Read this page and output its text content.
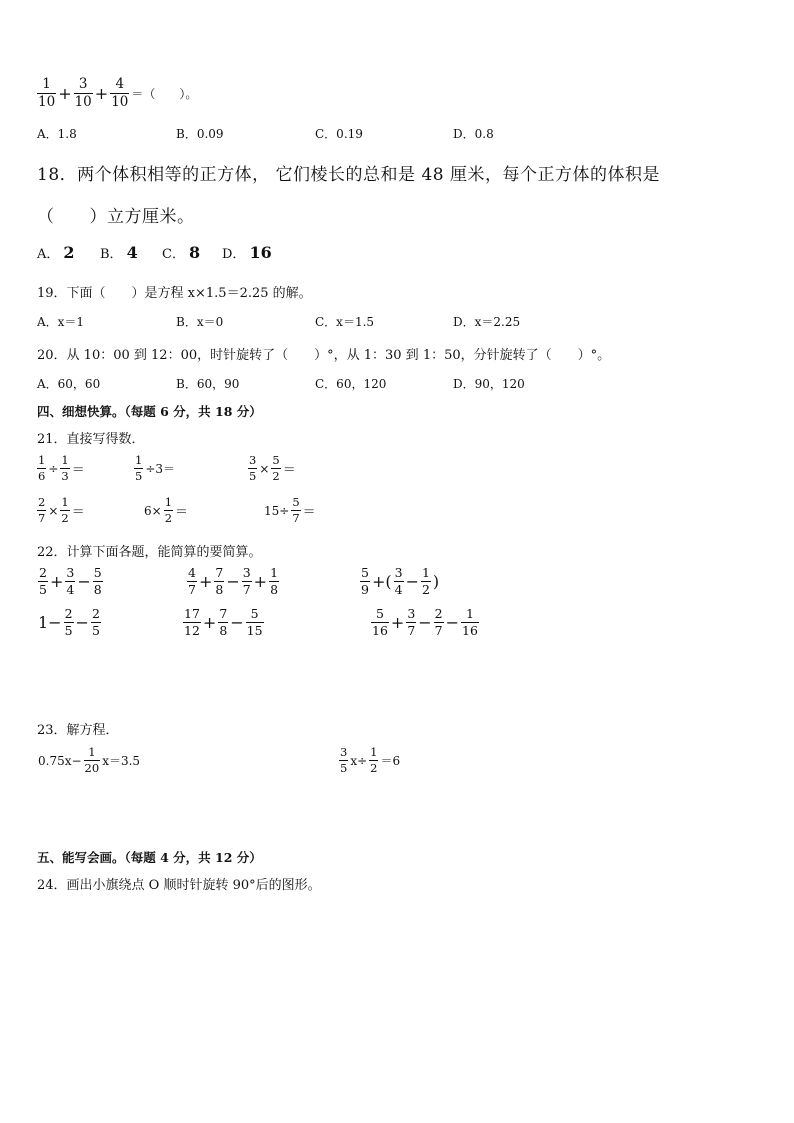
$\frac{1}{10} + \frac{3}{10} + \frac{4}{10}$ ＝（　　）。
A．1.8	B．0.09	C．0.19	D．0.8
18．两个体积相等的正方体， 它们棱长的总和是 48 厘米，每个正方体的体积是
（　　）立方厘米。
A． 2 B． 4 C． 8 D． 16
19．下面（　　）是方程 x×1.5＝2.25 的解。
A．x＝1	B．x＝0	C．x＝1.5	D．x＝2.25
20．从 10：00 到 12：00，时针旋转了（　　）°，从 1：30 到 1：50，分针旋转了（　　）°。
A．60，60	B．60，90	C．60，120	D．90，120
四、细想快算。（每题 6 分，共 18 分）
21．直接写得数．
$\frac{1}{6} \div \frac{1}{3}$ ＝	$\frac{1}{5} \div 3=$	$\frac{3}{5} \times \frac{5}{2}$ ＝
$\frac{2}{7} \times \frac{1}{2}$ ＝	$6\times \frac{1}{2}$ ＝	$15\div \frac{5}{7}$ ＝
22．计算下面各题，能简算的要简算。
$\frac{2}{5} + \frac{3}{4} - \frac{5}{8}$	$\frac{4}{7} + \frac{7}{8} - \frac{3}{7} + \frac{1}{8}$	$\frac{5}{9}$ +( $\frac{3}{4} - \frac{1}{2}$ )
$1- \frac{2}{5} - \frac{2}{5}$	$\frac{17}{12} + \frac{7}{8} - \frac{5}{15}$	$\frac{5}{16} + \frac{3}{7} - \frac{2}{7} - \frac{1}{16}$
23．解方程．
$0.75x- \frac{1}{20} x=3.5$	$\frac{3}{5} x\div \frac{1}{2} =6$
五、能写会画。（每题 4 分，共 12 分）
24．画出小旗绕点 O 顺时针旋转 90°后的图形。
